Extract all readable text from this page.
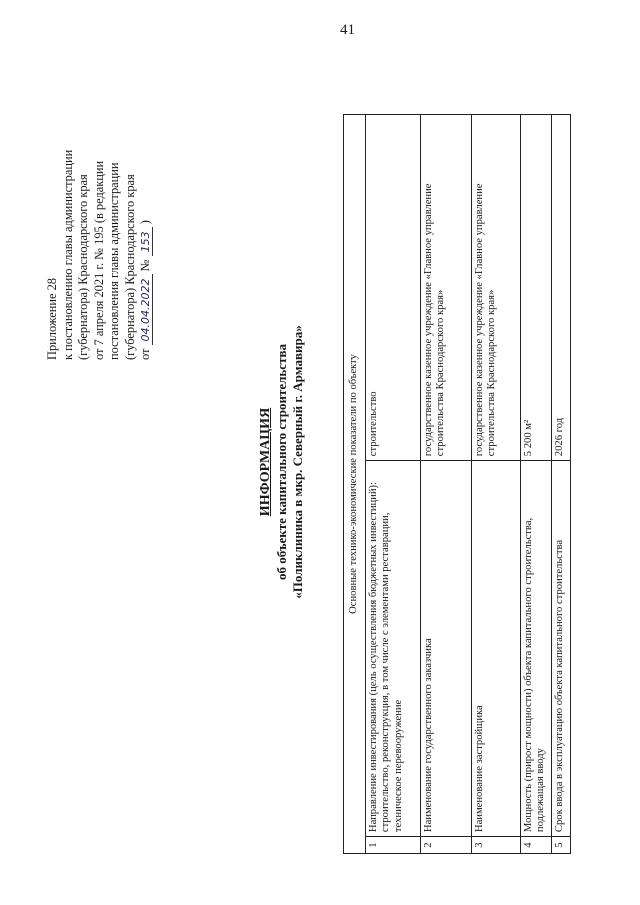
41
Приложение 28 к постановлению главы администрации (губернатора) Краснодарского края от 7 апреля 2021 г. № 195 (в редакции постановления главы администрации (губернатора) Краснодарского края от 04.04.2022 № 153 )
ИНФОРМАЦИЯ об объекте капитального строительства «Поликлиника в мкр. Северный г. Армавира»	Основные технико-экономические показатели по объекту		
1	Направление инвестирования (цель осуществления бюджетных инвестиций): строительство, реконструкция, в том числе с элементами реставрации, техническое перевооружение	строительство
2	Наименование государственного заказчика	государственное казенное учреждение «Главное управление строительства Краснодарского края»
3	Наименование застройщика	государственное казенное учреждение «Главное управление строительства Краснодарского края»
4	Мощность (прирост мощности) объекта капитального строительства, подлежащая вводу	5 200 м²
5	Срок ввода в эксплуатацию объекта капитального строительства	2026 год
